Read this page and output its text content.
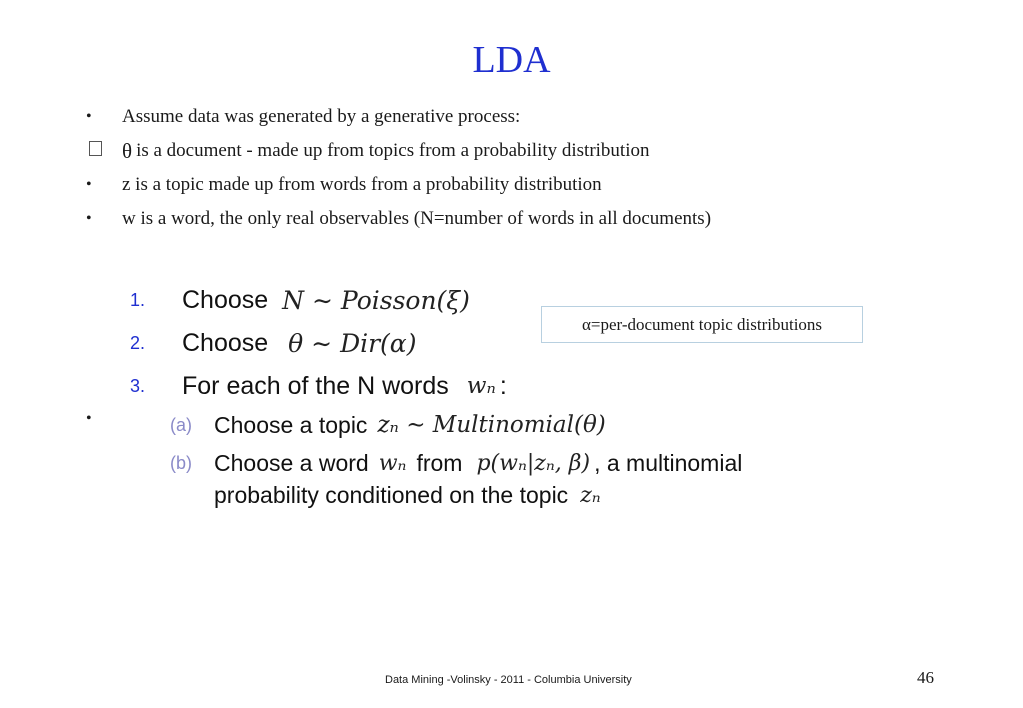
LDA
•	Assume data was generated by a generative process:
θ is a document - made up from topics from a probability distribution
•	z is a topic made up from words from a probability distribution
•	w is a word, the only real observables (N=number of words in all documents)
1.	Choose N ∼ Poisson(ξ)
2.	Choose θ ∼ Dir(α)
3.	For each of the N words wₙ :
(a) Choose a topic zₙ ∼ Multinomial(θ)
(b) Choose a word wₙ from p(wₙ|zₙ, β) , a multinomial
probability conditioned on the topic zₙ
•
α =per-document topic distributions
Data Mining -Volinsky - 2011 - Columbia University	46
